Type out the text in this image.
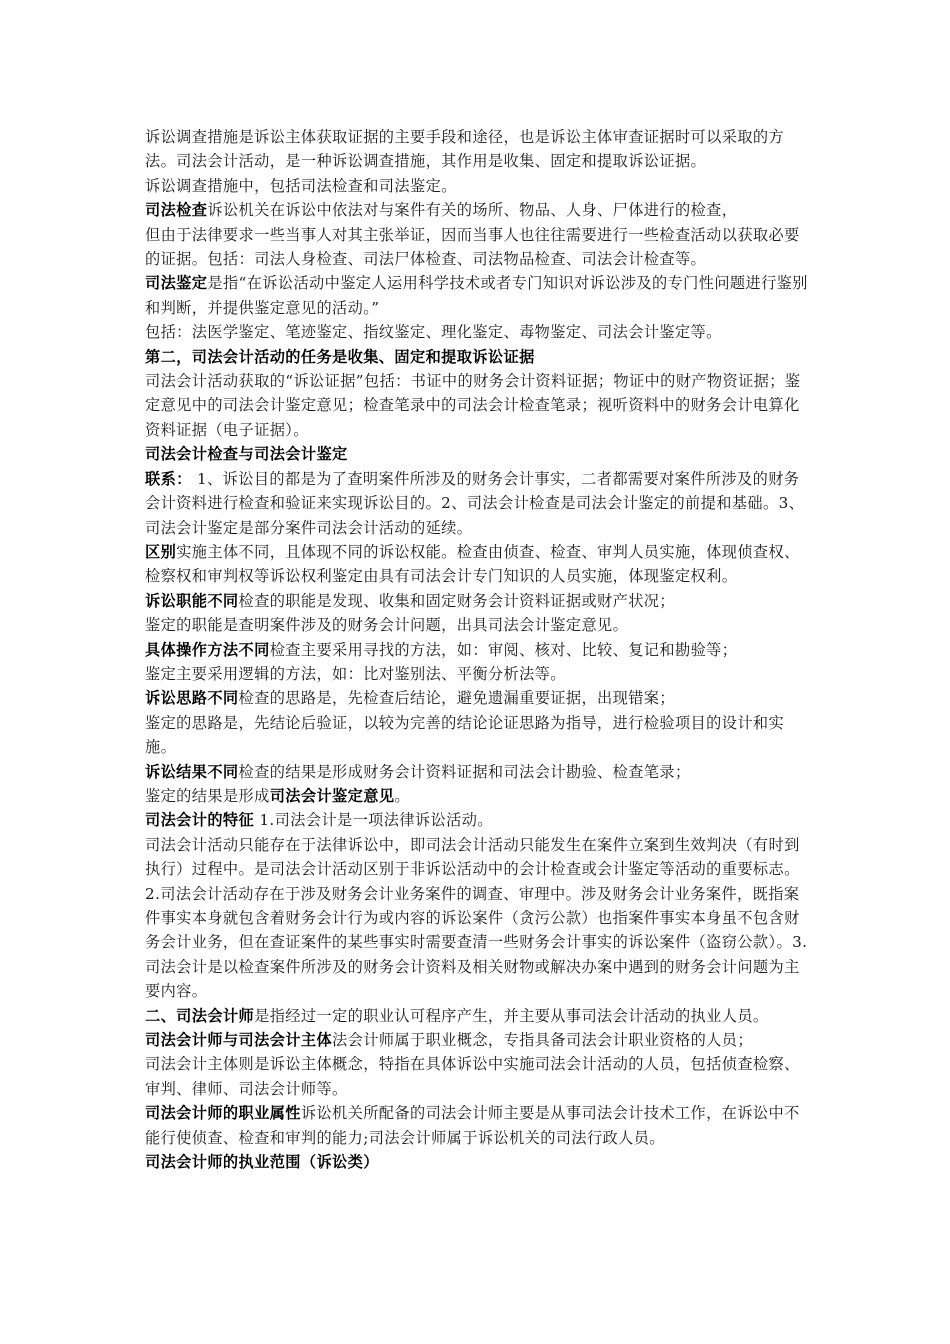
诉讼调查措施是诉讼主体获取证据的主要手段和途径，也是诉讼主体审查证据时可以采取的方法。司法会计活动，是一种诉讼调查措施，其作用是收集、固定和提取诉讼证据。

诉讼调查措施中，包括司法检查和司法鉴定。

司法检查诉讼机关在诉讼中依法对与案件有关的场所、物品、人身、尸体进行的检查，

但由于法律要求一些当事人对其主张举证，因而当事人也往往需要进行一些检查活动以获取必要的证据。包括：司法人身检查、司法尸体检查、司法物品检查、司法会计检查等。

司法鉴定是指“在诉讼活动中鉴定人运用科学技术或者专门知识对诉讼涉及的专门性问题进行鉴别和判断，并提供鉴定意见的活动。”

包括：法医学鉴定、笔迹鉴定、指纹鉴定、理化鉴定、毒物鉴定、司法会计鉴定等。

第二，司法会计活动的任务是收集、固定和提取诉讼证据

司法会计活动获取的“诉讼证据”包括：书证中的财务会计资料证据；物证中的财产物资证据；鉴定意见中的司法会计鉴定意见；检查笔录中的司法会计检查笔录；视听资料中的财务会计电算化资料证据（电子证据）。

司法会计检查与司法会计鉴定

联系： 1、诉讼目的都是为了查明案件所涉及的财务会计事实，二者都需要对案件所涉及的财务会计资料进行检查和验证来实现诉讼目的。2、司法会计检查是司法会计鉴定的前提和基础。3、司法会计鉴定是部分案件司法会计活动的延续。

区别实施主体不同，且体现不同的诉讼权能。检查由侦查、检查、审判人员实施，体现侦查权、检察权和审判权等诉讼权利鉴定由具有司法会计专门知识的人员实施，体现鉴定权利。

诉讼职能不同检查的职能是发现、收集和固定财务会计资料证据或财产状况；

鉴定的职能是查明案件涉及的财务会计问题，出具司法会计鉴定意见。

具体操作方法不同检查主要采用寻找的方法，如：审阅、核对、比较、复记和勘验等；

鉴定主要采用逻辑的方法，如：比对鉴别法、平衡分析法等。

诉讼思路不同检查的思路是，先检查后结论，避免遗漏重要证据，出现错案；

鉴定的思路是，先结论后验证，以较为完善的结论论证思路为指导，进行检验项目的设计和实施。

诉讼结果不同检查的结果是形成财务会计资料证据和司法会计勘验、检查笔录；

鉴定的结果是形成司法会计鉴定意见。

司法会计的特征 1.司法会计是一项法律诉讼活动。

司法会计活动只能存在于法律诉讼中，即司法会计活动只能发生在案件立案到生效判决（有时到执行）过程中。是司法会计活动区别于非诉讼活动中的会计检查或会计鉴定等活动的重要标志。2.司法会计活动存在于涉及财务会计业务案件的调查、审理中。涉及财务会计业务案件，既指案件事实本身就包含着财务会计行为或内容的诉讼案件（贪污公款）也指案件事实本身虽不包含财务会计业务，但在查证案件的某些事实时需要查清一些财务会计事实的诉讼案件（盗窃公款）。3.司法会计是以检查案件所涉及的财务会计资料及相关财物或解决办案中遇到的财务会计问题为主要内容。

二、司法会计师是指经过一定的职业认可程序产生，并主要从事司法会计活动的执业人员。

司法会计师与司法会计主体法会计师属于职业概念，专指具备司法会计职业资格的人员；

司法会计主体则是诉讼主体概念，特指在具体诉讼中实施司法会计活动的人员，包括侦查检察、审判、律师、司法会计师等。

司法会计师的职业属性诉讼机关所配备的司法会计师主要是从事司法会计技术工作，在诉讼中不能行使侦查、检查和审判的能力;司法会计师属于诉讼机关的司法行政人员。

司法会计师的执业范围（诉讼类）
